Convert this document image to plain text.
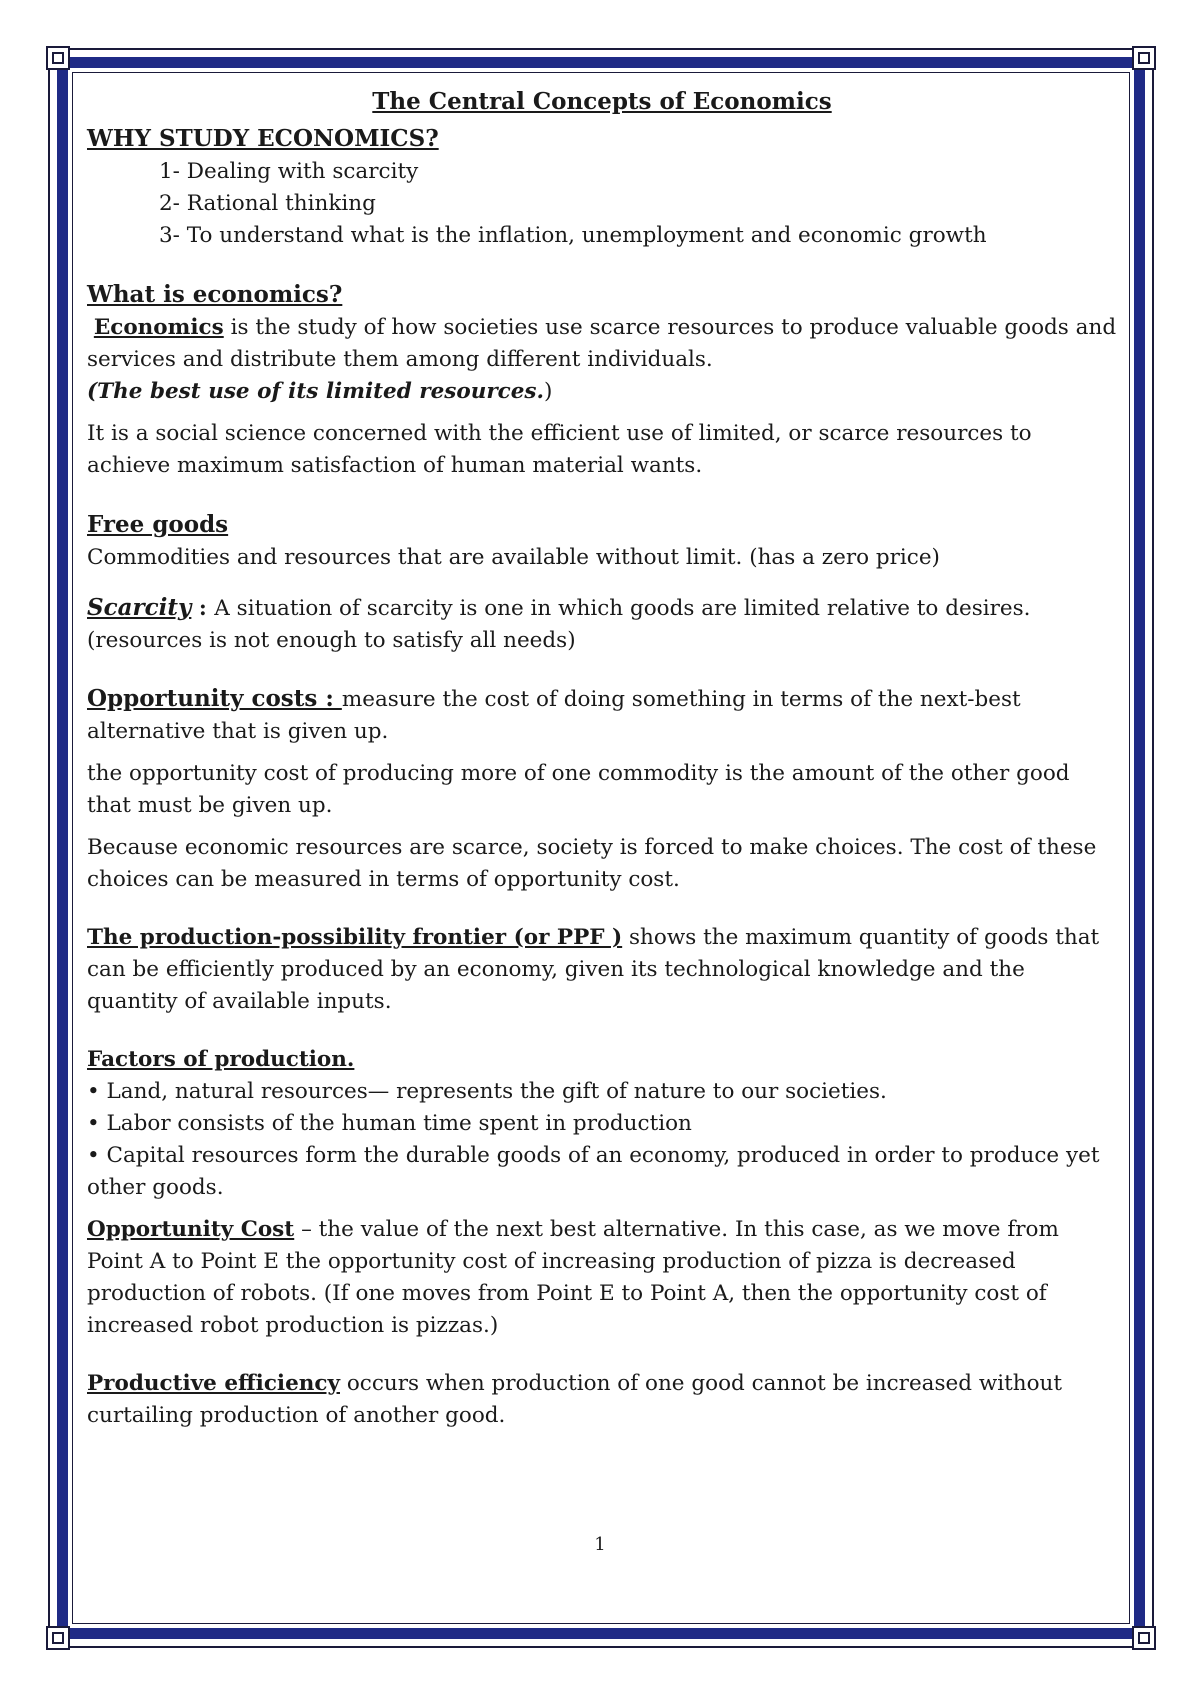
The Central Concepts of Economics
WHY STUDY ECONOMICS?
1- Dealing with scarcity
2- Rational thinking
3- To understand what is the inflation, unemployment and economic growth
What is economics?

Economics is the study of how societies use scarce resources to produce valuable goods and services and distribute them among different individuals.

(The best use of its limited resources.)

It is a social science concerned with the efficient use of limited, or scarce resources to achieve maximum satisfaction of human material wants.

Free goods

Commodities and resources that are available without limit. (has a zero price)

Scarcity : A situation of scarcity is one in which goods are limited relative to desires. (resources is not enough to satisfy all needs)

Opportunity costs : measure the cost of doing something in terms of the next-best alternative that is given up.

the opportunity cost of producing more of one commodity is the amount of the other good that must be given up.

Because economic resources are scarce, society is forced to make choices. The cost of these choices can be measured in terms of opportunity cost.

The production-possibility frontier (or PPF ) shows the maximum quantity of goods that can be efficiently produced by an economy, given its technological knowledge and the quantity of available inputs.

Factors of production.

• Land, natural resources— represents the gift of nature to our societies.

• Labor consists of the human time spent in production

• Capital resources form the durable goods of an economy, produced in order to produce yet other goods.

Opportunity Cost – the value of the next best alternative. In this case, as we move from Point A to Point E the opportunity cost of increasing production of pizza is decreased production of robots. (If one moves from Point E to Point A, then the opportunity cost of increased robot production is pizzas.)

Productive efficiency occurs when production of one good cannot be increased without curtailing production of another good.

1
